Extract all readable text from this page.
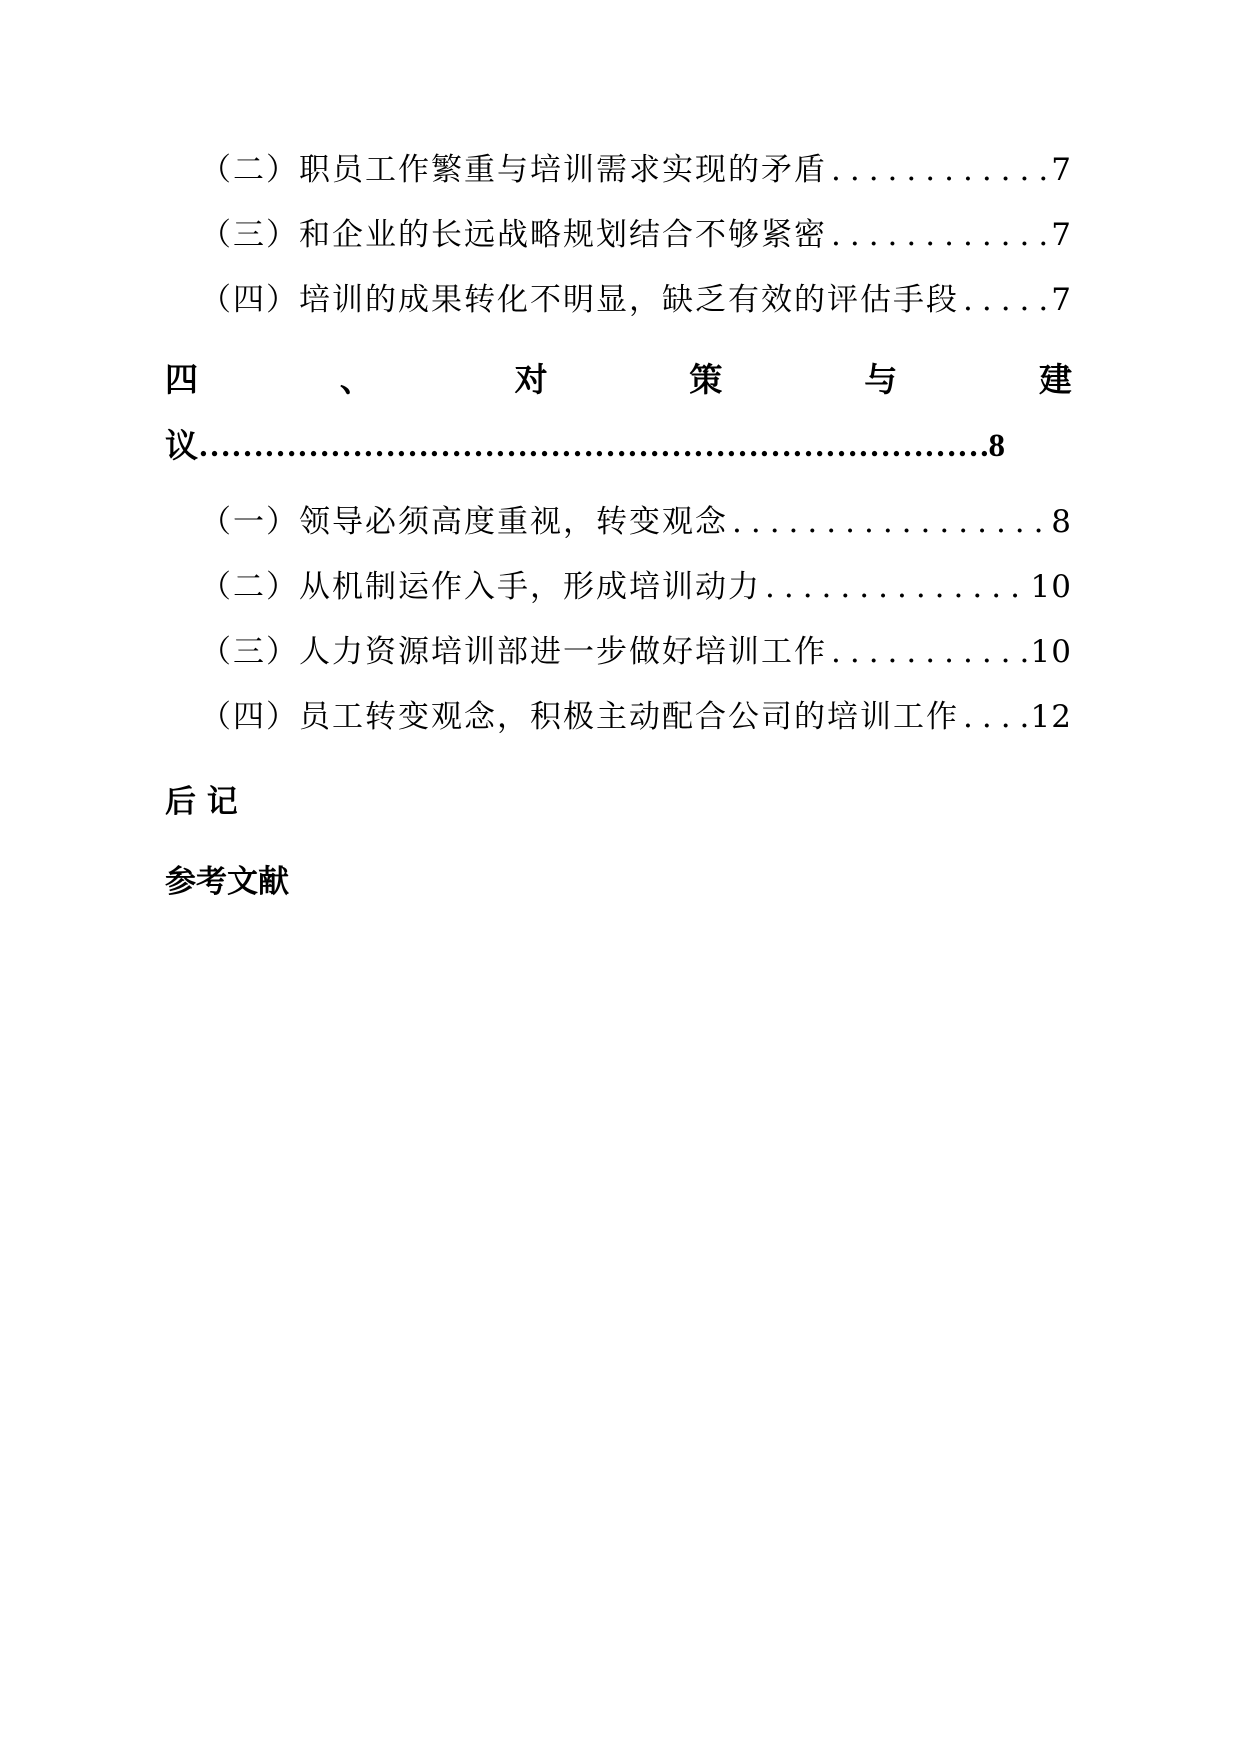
（二）职员工作繁重与培训需求实现的矛盾 .....	7
（三）和企业的长远战略规划结合不够紧密 .....	7
（四）培训的成果转化不明显，缺乏有效的评估手段 .....	7
四	、	对	策	与	建
议 ……………………………………………………………………………………………………	.8
（一）领导必须高度重视，转变观念 .....	8
（二）从机制运作入手，形成培训动力 .....	10
（三）人力资源培训部进一步做好培训工作 .....	10
（四）员工转变观念，积极主动配合公司的培训工作 ..... 12
后 记
参考文献
